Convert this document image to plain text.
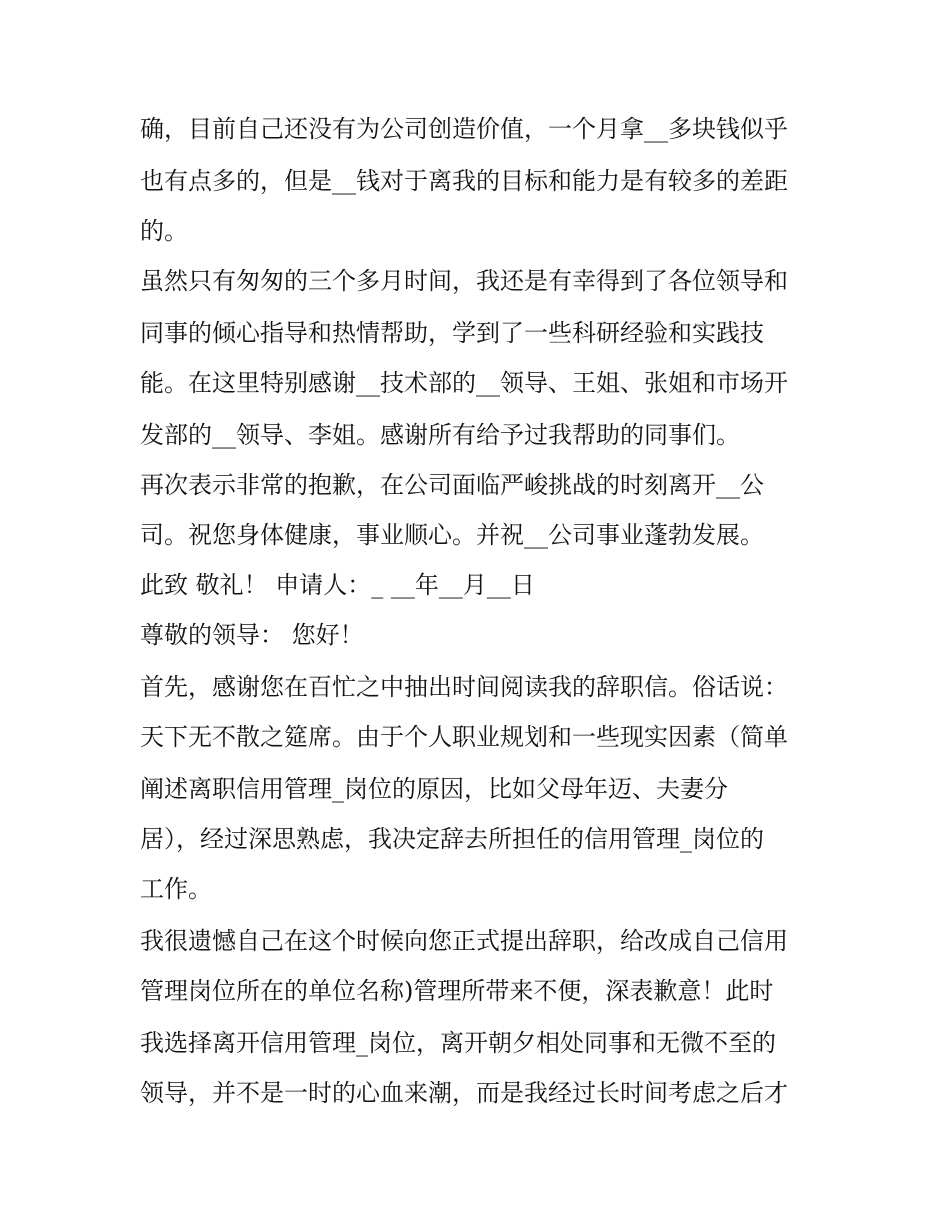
确，目前自己还没有为公司创造价值，一个月拿__多块钱似乎

也有点多的，但是__钱对于离我的目标和能力是有较多的差距

的。

虽然只有匆匆的三个多月时间，我还是有幸得到了各位领导和

同事的倾心指导和热情帮助，学到了一些科研经验和实践技

能。在这里特别感谢__技术部的__领导、王姐、张姐和市场开

发部的__领导、李姐。感谢所有给予过我帮助的同事们。

再次表示非常的抱歉，在公司面临严峻挑战的时刻离开__公

司。祝您身体健康，事业顺心。并祝__公司事业蓬勃发展。

此致 敬礼！ 申请人：_ __年__月__日

尊敬的领导： 您好！

首先，感谢您在百忙之中抽出时间阅读我的辞职信。俗话说：

天下无不散之筵席。由于个人职业规划和一些现实因素（简单

阐述离职信用管理_岗位的原因，比如父母年迈、夫妻分

居），经过深思熟虑，我决定辞去所担任的信用管理_岗位的

工作。

我很遗憾自己在这个时候向您正式提出辞职，给改成自己信用

管理岗位所在的单位名称)管理所带来不便，深表歉意！此时

我选择离开信用管理_岗位，离开朝夕相处同事和无微不至的

领导，并不是一时的心血来潮，而是我经过长时间考虑之后才
